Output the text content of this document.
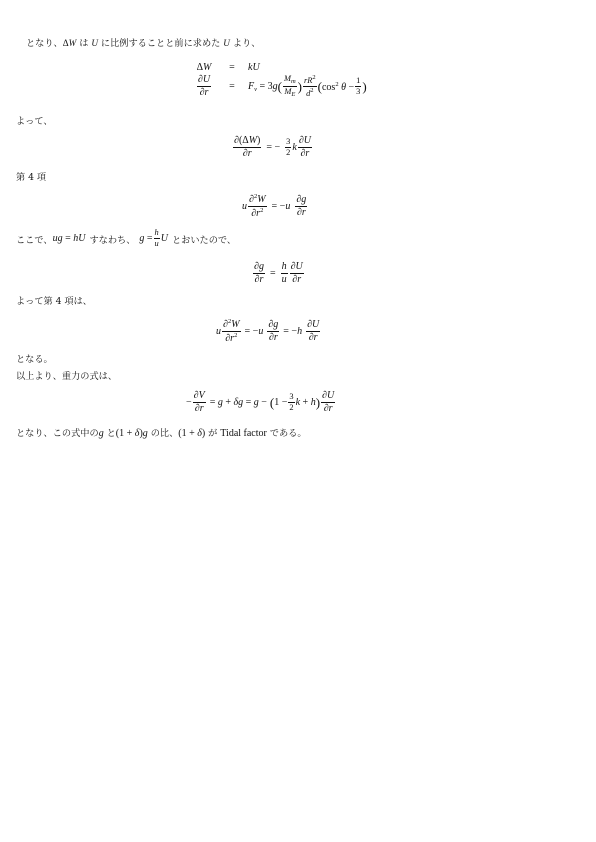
となり、ΔW は U に比例することと前に求めた U より、
ΔW	=	kU
$\frac{\partial U}{\partial r}$	=	$F_v = 3g$ ( $\frac{M_m}{M_E}$ ) $\frac{rR^2}{d^2}$ ( $\cos^2 \theta - \frac{1}{3}$ )
よって、
$\frac{\partial(\Delta W)}{\partial r}$ = − $\frac{3}{2}$ k $\frac{\partial U}{\partial r}$
第 4 項
u $\frac{\partial^2W}{\partial r^2} = -u \frac{\partial g}{\partial r}$
ここで、 ug = hU すなわち、 $g = \frac{h}{u}$ U とおいたので、
$\frac{\partial g}{\partial r} = \frac{h}{u} \frac{\partial U}{\partial r}$
よって第 4 項は、
u $\frac{\partial^2W}{\partial r^2} = -u \frac{\partial g}{\partial r} = -h \frac{\partial U}{\partial r}$
となる。
以上より、重力の式は、
− $\frac{\partial V}{\partial r} = g + \delta g = g$ − ( $1 - \frac{3}{2}$ k + h ) $\frac{\partial U}{\partial r}$
となり、この式中のg と(1 + δ)g の比、(1 + δ) が Tidal factor である。
